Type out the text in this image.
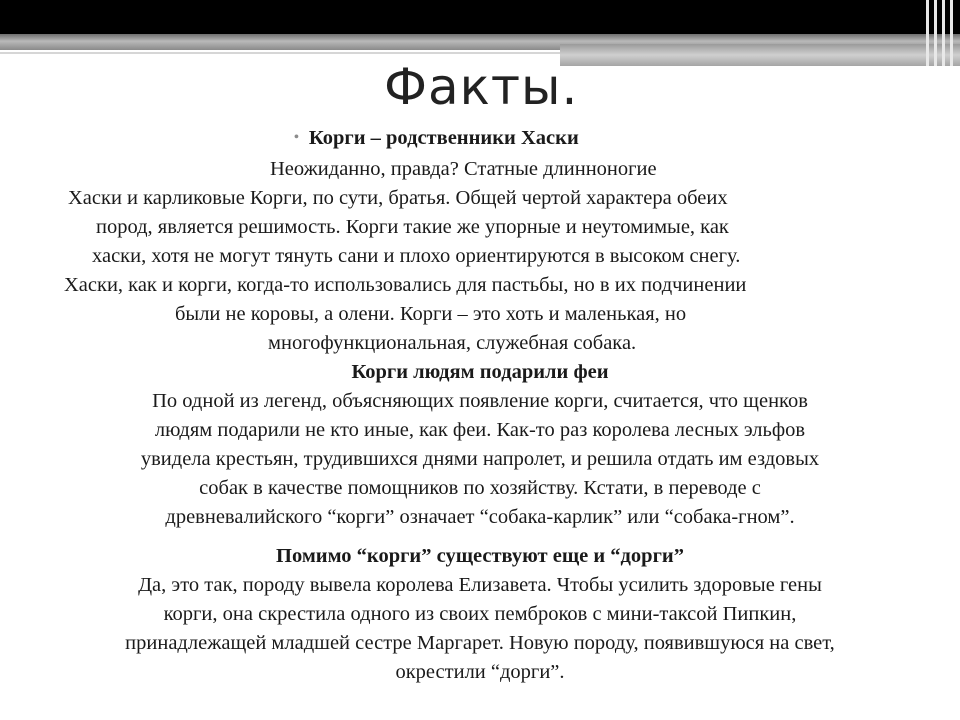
Факты.
• Корги – родственники Хаски
Неожиданно, правда? Статные длинноногие
Хаски и карликовые Корги, по сути, братья. Общей чертой характера обеих
пород, является решимость. Корги такие же упорные и неутомимые, как
хаски, хотя не могут тянуть сани и плохо ориентируются в высоком снегу.
Хаски, как и корги, когда-то использовались для пастьбы, но в их подчинении
были не коровы, а олени. Корги – это хоть и маленькая, но
многофункциональная, служебная собака.
Корги людям подарили феи
По одной из легенд, объясняющих появление корги, считается, что щенков
людям подарили не кто иные, как феи. Как-то раз королева лесных эльфов
увидела крестьян, трудившихся днями напролет, и решила отдать им ездовых
собак в качестве помощников по хозяйству. Кстати, в переводе с
древневалийского “корги” означает “собака-карлик” или “собака-гном”.
Помимо “корги” существуют еще и “дорги”
Да, это так, породу вывела королева Елизавета. Чтобы усилить здоровые гены
корги, она скрестила одного из своих пемброков с мини-таксой Пипкин,
принадлежащей младшей сестре Маргарет. Новую породу, появившуюся на свет,
окрестили “дорги”.
